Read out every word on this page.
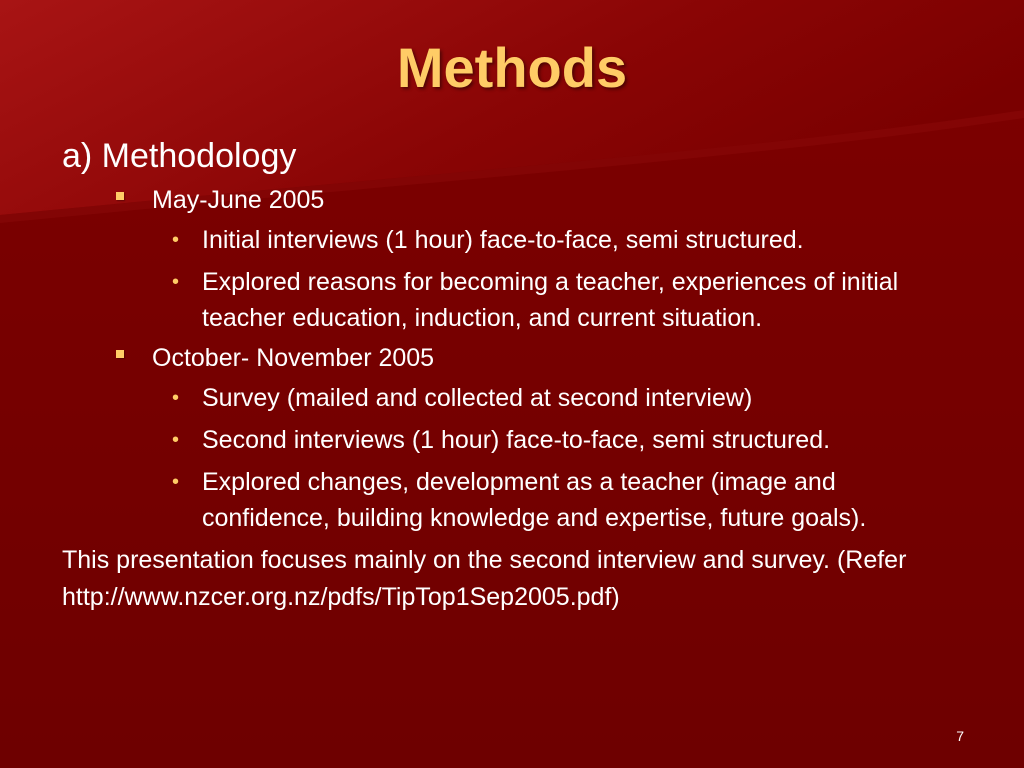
Methods

a) Methodology

May-June 2005
• Initial interviews (1 hour) face-to-face, semi structured.
• Explored reasons for becoming a teacher, experiences of initial teacher education, induction, and current situation.
October- November 2005
• Survey (mailed and collected at second interview)
• Second interviews (1 hour) face-to-face, semi structured.
• Explored changes, development as a teacher (image and confidence, building knowledge and expertise, future goals).

This presentation focuses mainly on the second interview and survey. (Refer http://www.nzcer.org.nz/pdfs/TipTop1Sep2005.pdf)

7
